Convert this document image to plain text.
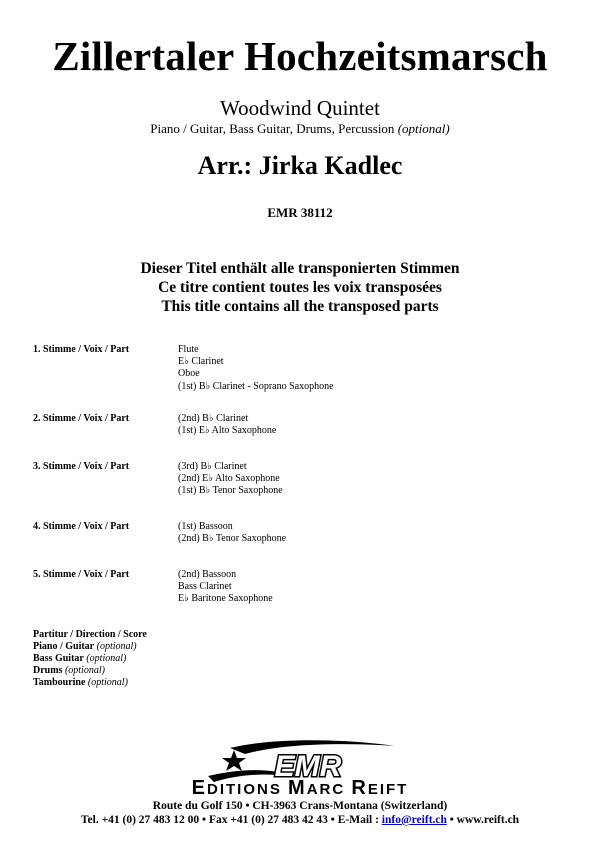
Zillertaler Hochzeitsmarsch
Woodwind Quintet
Piano / Guitar, Bass Guitar, Drums, Percussion (optional)
Arr.: Jirka Kadlec
EMR 38112
Dieser Titel enthält alle transponierten Stimmen
Ce titre contient toutes les voix transposées
This title contains all the transposed parts
1. Stimme / Voix / Part	Flute
E♭ Clarinet
Oboe
(1st) B♭ Clarinet - Soprano Saxophone
2. Stimme / Voix / Part	(2nd) B♭ Clarinet
(1st) E♭ Alto Saxophone
3. Stimme / Voix / Part	(3rd) B♭ Clarinet
(2nd) E♭ Alto Saxophone
(1st) B♭ Tenor Saxophone
4. Stimme / Voix / Part	(1st) Bassoon
(2nd) B♭ Tenor Saxophone
5. Stimme / Voix / Part	(2nd) Bassoon
Bass Clarinet
E♭ Baritone Saxophone
Partitur / Direction / Score
Piano / Guitar (optional)
Bass Guitar (optional)
Drums (optional)
Tambourine (optional)
EMR
EDITIONS MARC REIFT
Route du Golf 150 • CH-3963 Crans-Montana (Switzerland)
Tel. +41 (0) 27 483 12 00 • Fax +41 (0) 27 483 42 43 • E-Mail : info@reift.ch • www.reift.ch
